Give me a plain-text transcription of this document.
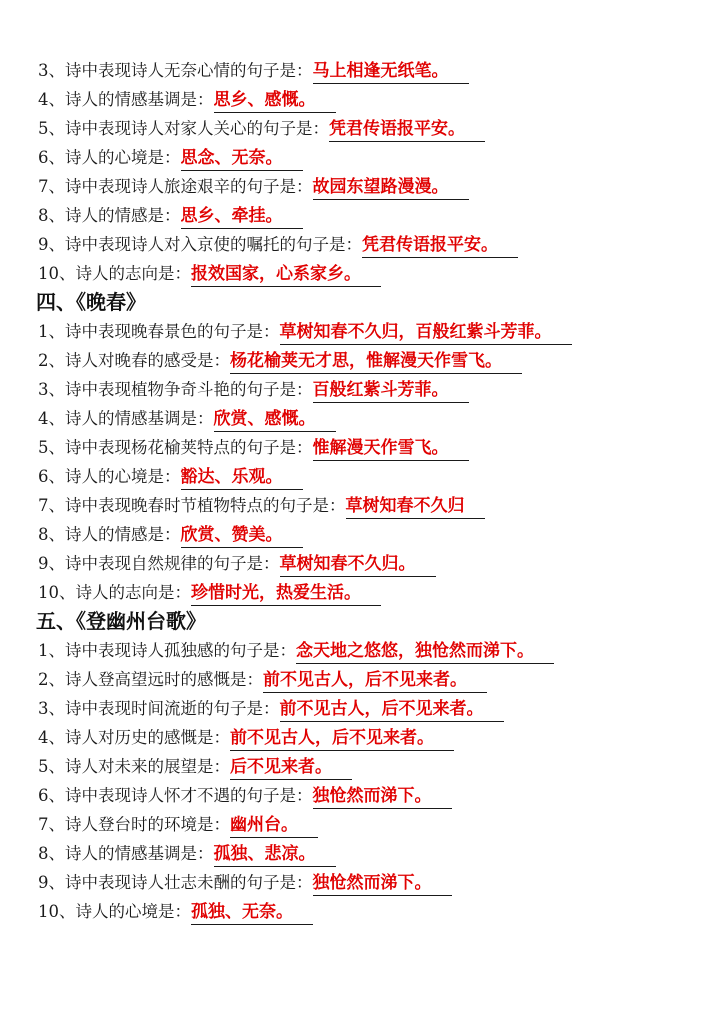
3、诗中表现诗人无奈心情的句子是：马上相逢无纸笔。
4、诗人的情感基调是：思乡、感慨。
5、诗中表现诗人对家人关心的句子是：凭君传语报平安。
6、诗人的心境是：思念、无奈。
7、诗中表现诗人旅途艰辛的句子是：故园东望路漫漫。
8、诗人的情感是：思乡、牵挂。
9、诗中表现诗人对入京使的嘱托的句子是：凭君传语报平安。
10、诗人的志向是：报效国家，心系家乡。
四、《晚春》
1、诗中表现晚春景色的句子是：草树知春不久归，百般红紫斗芳菲。
2、诗人对晚春的感受是：杨花榆荚无才思，惟解漫天作雪飞。
3、诗中表现植物争奇斗艳的句子是：百般红紫斗芳菲。
4、诗人的情感基调是：欣赏、感慨。
5、诗中表现杨花榆荚特点的句子是：惟解漫天作雪飞。
6、诗人的心境是：豁达、乐观。
7、诗中表现晚春时节植物特点的句子是：草树知春不久归
8、诗人的情感是：欣赏、赞美。
9、诗中表现自然规律的句子是：草树知春不久归。
10、诗人的志向是：珍惜时光，热爱生活。
五、《登幽州台歌》
1、诗中表现诗人孤独感的句子是：念天地之悠悠，独怆然而涕下。
2、诗人登高望远时的感慨是：前不见古人，后不见来者。
3、诗中表现时间流逝的句子是：前不见古人，后不见来者。
4、诗人对历史的感慨是：前不见古人，后不见来者。
5、诗人对未来的展望是：后不见来者。
6、诗中表现诗人怀才不遇的句子是：独怆然而涕下。
7、诗人登台时的环境是：幽州台。
8、诗人的情感基调是：孤独、悲凉。
9、诗中表现诗人壮志未酬的句子是：独怆然而涕下。
10、诗人的心境是：孤独、无奈。
